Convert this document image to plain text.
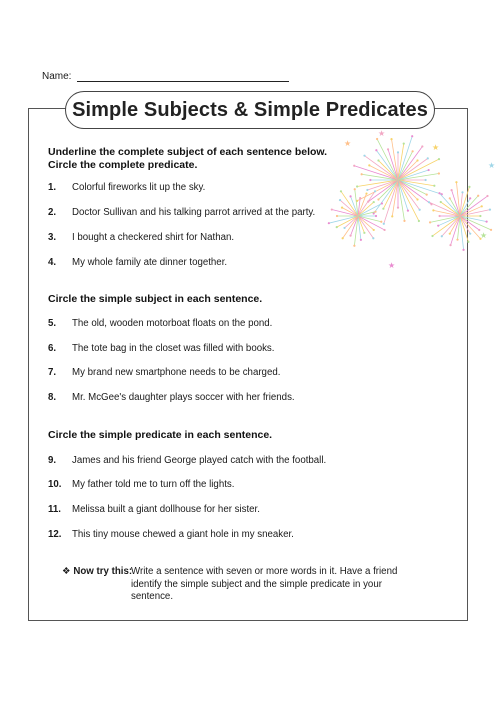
Name:
Simple Subjects & Simple Predicates
★
★
★
★
★
★
Underline the complete subject of each sentence below.
Circle the complete predicate.
1. Colorful fireworks lit up the sky.
2. Doctor Sullivan and his talking parrot arrived at the party.
3. I bought a checkered shirt for Nathan.
4. My whole family ate dinner together.
Circle the simple subject in each sentence.
5. The old, wooden motorboat floats on the pond.
6. The tote bag in the closet was filled with books.
7. My brand new smartphone needs to be charged.
8. Mr. McGee's daughter plays soccer with her friends.
Circle the simple predicate in each sentence.
9. James and his friend George played catch with the football.
10. My father told me to turn off the lights.
11. Melissa built a giant dollhouse for her sister.
12. This tiny mouse chewed a giant hole in my sneaker.
❖ Now try this:
Write a sentence with seven or more words in it. Have a friend
identify the simple subject and the simple predicate in your
sentence.
